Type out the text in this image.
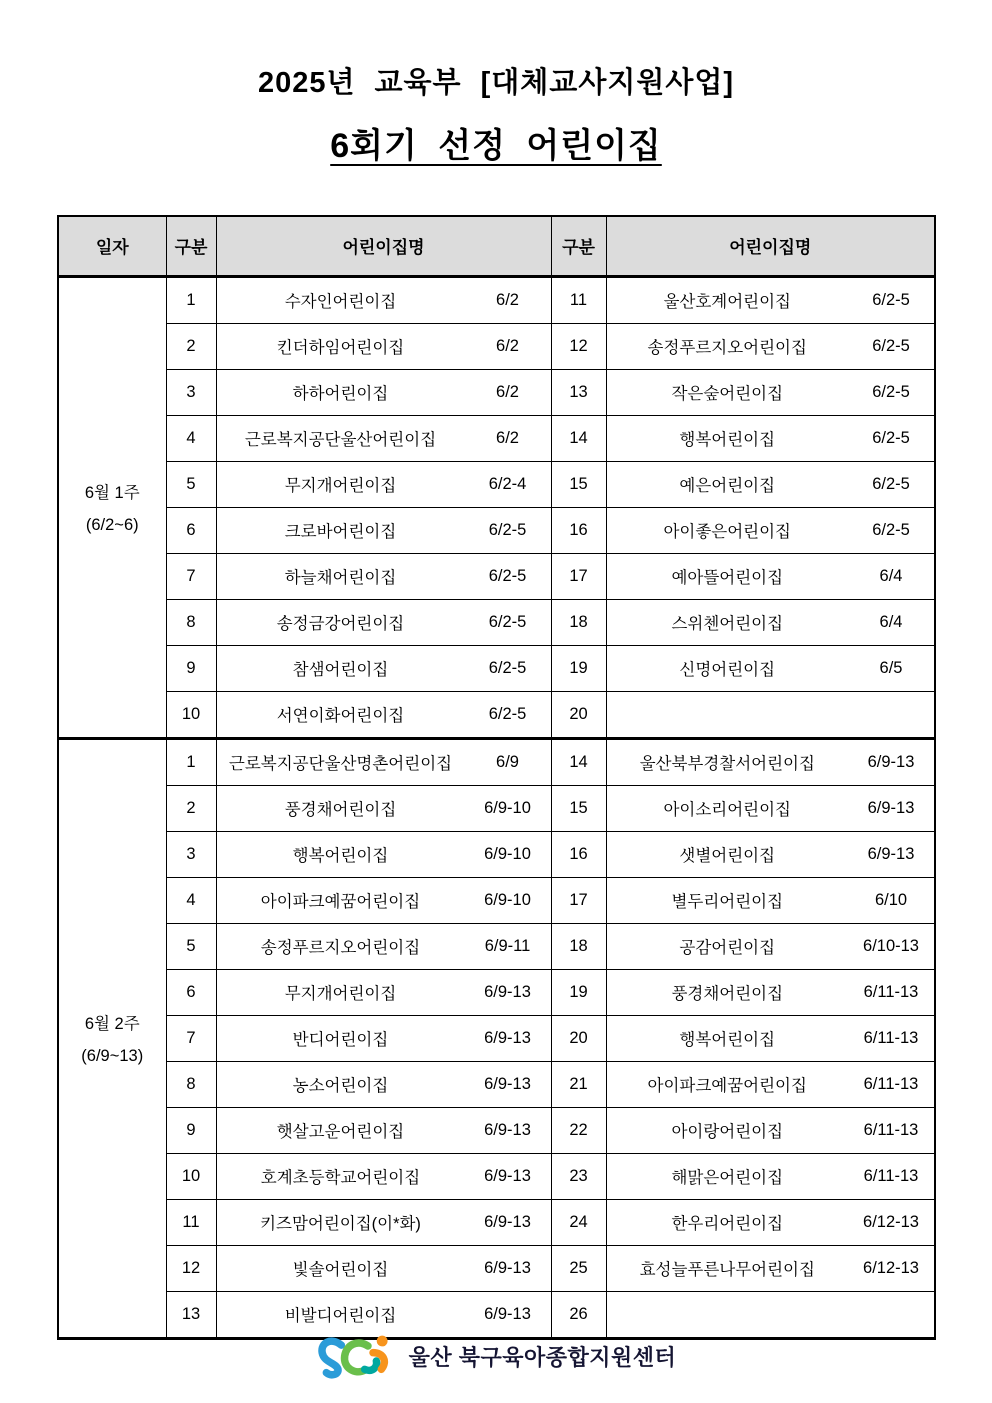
2025년 교육부 [대체교사지원사업]
6회기 선정 어린이집
일자	구분	어린이집명	구분	어린이집명

6월 1주
(6/2~6)
	1	수자인어린이집	6/2	11	울산호계어린이집	6/2-5

	2	킨더하임어린이집 6/2	12	송정푸르지오어린이집 6/2-5

	3	하하어린이집 6/2	13	작은숲어린이집 6/2-5

	4	근로복지공단울산어린이집 6/2	14	행복어린이집 6/2-5

	5	무지개어린이집 6/2-4	15	예은어린이집 6/2-5

	6	크로바어린이집 6/2-5	16	아이좋은어린이집 6/2-5

	7	하늘채어린이집 6/2-5	17	예아뜰어린이집 6/4

	8	송정금강어린이집 6/2-5	18	스위첸어린이집 6/4

	9	참샘어린이집 6/2-5	19	신명어린이집 6/5

	10	서연이화어린이집 6/2-5	20	

6월 2주
(6/9~13)
	1	근로복지공단울산명촌어린이집	6/9	14	울산북부경찰서어린이집	6/9-13

	2	풍경채어린이집 6/9-10	15	아이소리어린이집 6/9-13

	3	행복어린이집 6/9-10	16	샛별어린이집 6/9-13

	4	아이파크예꿈어린이집 6/9-10	17	별두리어린이집 6/10

	5	송정푸르지오어린이집 6/9-11	18	공감어린이집 6/10-13

	6	무지개어린이집 6/9-13	19	풍경채어린이집 6/11-13

	7	반디어린이집 6/9-13	20	행복어린이집 6/11-13

	8	농소어린이집 6/9-13	21	아이파크예꿈어린이집 6/11-13

	9	햇살고운어린이집 6/9-13	22	아이랑어린이집 6/11-13

	10	호계초등학교어린이집 6/9-13	23	해맑은어린이집 6/11-13

	11	키즈맘어린이집(이*화) 6/9-13	24	한우리어린이집 6/12-13

	12	빛솔어린이집 6/9-13	25	효성늘푸른나무어린이집 6/12-13

	13	비발디어린이집 6/9-13	26	
울산 북구육아종합지원센터
